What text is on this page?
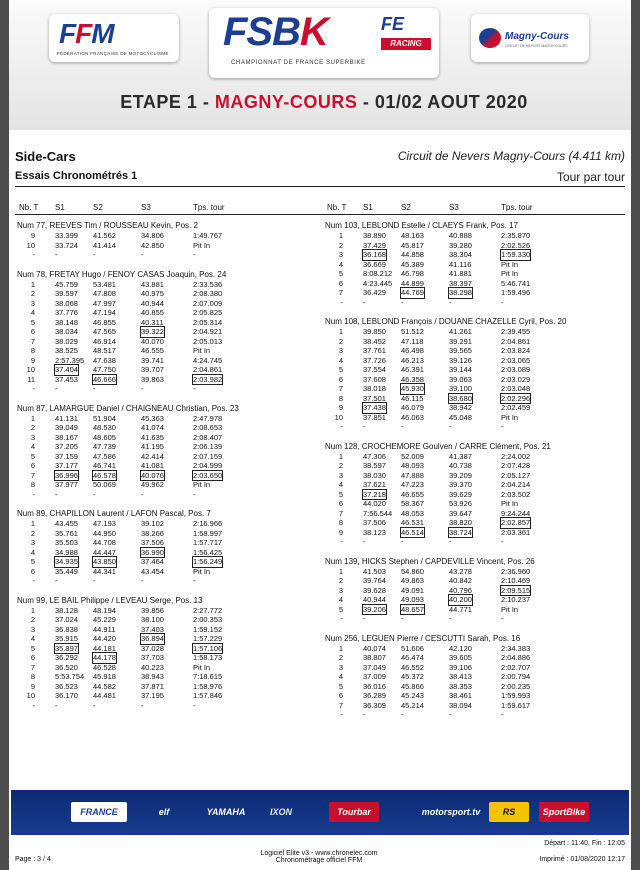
FFM
FÉDÉRATION FRANÇAISE DE MOTOCYCLISME FSBK	FE
RACING
CHAMPIONNAT DE FRANCE SUPERBIKE
Magny-Cours
CIRCUIT DE NEVERS MAGNY-COURS
ETAPE 1 - MAGNY-COURS - 01/02 AOUT 2020
Side-Cars	Circuit de Nevers Magny-Cours (4.411 km)
Essais Chronométrés 1	Tour par tour
Nb. T S1	S2	S3	Tps. tour	Nb. T S1	S2	S3	Tps. tour
Num 77, REEVES Tim / ROUSSEAU Kevin, Pos. 2
9	33.399 41.562	34.806	1:49.767
10	33.724 41.414	42.850	Pit In
-	-	-	-	-
Num 78, FRETAY Hugo / FENOY CASAS Joaquin, Pos. 24
1	45.759 53.481	43.881	2:33.536
2	39.597 47.808	40.975	2:08.380
3	38.068 47.997	40.944	2:07.009
4	37.776 47.194	40.855	2:05.825
5	38.148 46.855	40.311	2:05.314
6	38.034 47.565	39.322	2:04.921
7	38.029 46.914	40.070	2:05.013
8	38.525 48.517	46.555	Pit In
9	2:57.395 47.638	39.741	4:24.745
10	37.404 47.750	39.707	2:04.861
11	37.453 46.666	39.863	2:03.982
-	-	-	-	-
Num 87, LAMARGUE Daniel / CHAIGNEAU Christian, Pos. 23
1	41.131 51.904	45.363	2:47.978
2	39.049 48.530	41.074	2:08.653
3	38.167 48.605	41.635	2:08.407
4	37.205 47.739	41.195	2:06.139
5	37.159 47.586	42.414	2:07.159
6	37.177 46.741	41.081	2:04.999
7	36.996 46.578	40.076	2:03.650
8	37.977 50.069	49.962	Pit In
-	-	-	-	-
Num 89, CHAPILLON Laurent / LAFON Pascal, Pos. 7
1	43.455 47.193	39.102	2:16.966
2	35.761 44.950	38.266	1:58.997
3	35.503 44.708	37.506	1:57.717
4	34.988 44.447	36.990	1:56.425
5	34.935 43.850	37.464	1:56.249
6	35.449 44.341	43.454	Pit In
-	-	-	-	-
Num 99, LE BAIL Philippe / LEVEAU Serge, Pos. 13
1	38.128 48.194	39.856	2:27.772
2	37.024 45.229	38.100	2:00.353
3	36.838 44.911	37.403	1:59.152
4	35.915 44.420	36.894	1:57.229
5	35.897 44.181	37.028	1:57.106
6	36.292 44.178	37.703	1:58.173
7	36.520 46.528	40.223	Pit In
8	5:53.754 45.918	38.943	7:18.615
9	36.523 44.582	37.871	1:58.976
10	36.170 44.481	37.195	1:57.846
-	-	-	-	-
Num 103, LEBLOND Estelle / CLAEYS Frank, Pos. 17
1	38.890 48.163	40.888	2:35.870
2	37.429 45.817	39.280	2:02.526
3	36.168 44.858	38.304	1:59.330
4	36.669 45.389	41.116	Pit In
5	8:08.212 46.798	41.881	Pit In
6	4:23.445 44.899	38.397	5:46.741
7	36.429 44.769	38.298	1:59.496
-	-	-	-	-
Num 108, LEBLOND François / DOUANE CHAZELLE Cyril, Pos. 20
1	39.850 51.512	41.261	2:39.455
2	38.452 47.118	39.291	2:04.861
3	37.761 46.498	39.565	2:03.824
4	37.726 46.213	39.126	2:03.065
5	37.554 46.391	39.144	2:03.089
6	37.608 46.358	39.063	2:03.029
7	38.018 45.930	39.100	2:03.048
8	37.501 46.115	38.680	2:02.296
9	37.438 46.079	38.942	2:02.459
10	37.851 46.063	45.048	Pit In
-	-	-	-	-
Num 128, CROCHEMORE Goulven / CARRE Clément, Pos. 21
1	47.306 52.009	41.387	2:24.002
2	38.597 48.093	40.738	2:07.428
3	38.030 47.888	39.209	2:05.127
4	37.621 47.223	39.370	2:04.214
5	37.218 46.655	39.629	2:03.502
6	44.020 58.367	53.926	Pit In
7	7:56.544 48.053	39.647	9:24.244
8	37.506 46.531	38.820	2:02.857
9	38.123 46.514	38.724	2:03.361
-	-	-	-	-
Num 139, HICKS Stephen / CAPDEVILLE Vincent, Pos. 26
1	41.503 54.860	43.278	2:36.960
2	39.764 49.863	40.842	2:10.469
3	39.628 49.091	40.796	2:09.515
4	40.944 49.093	40.200	2:10.237
5	39.206 48.657	44.771	Pit In
-	-	-	-	-
Num 256, LEGUEN Pierre / CESCUTTI Sarah, Pos. 16
1	40.074 51.606	42.120	2:34.383
2	38.807 46.474	39.605	2:04.886
3	37.049 46.552	39.106	2:02.707
4	37.009 45.372	38.413	2:00.794
5	36.016 45.866	38.353	2:00.235
6	36.289 45.243	38.461	1:59.993
7	36.309 45.214	38.094	1:59.617
-	-	-	-	-
FRANCE	elf	YAMAHA	IXON	Tourbar	motorsport.tv	RS	SportBike
Départ : 11:40, Fin : 12:05
Page : 3 / 4
Logiciel Elite v3 - www.chronelec.com
Chronométrage officiel FFM	Imprimé : 01/08/2020 12:17
